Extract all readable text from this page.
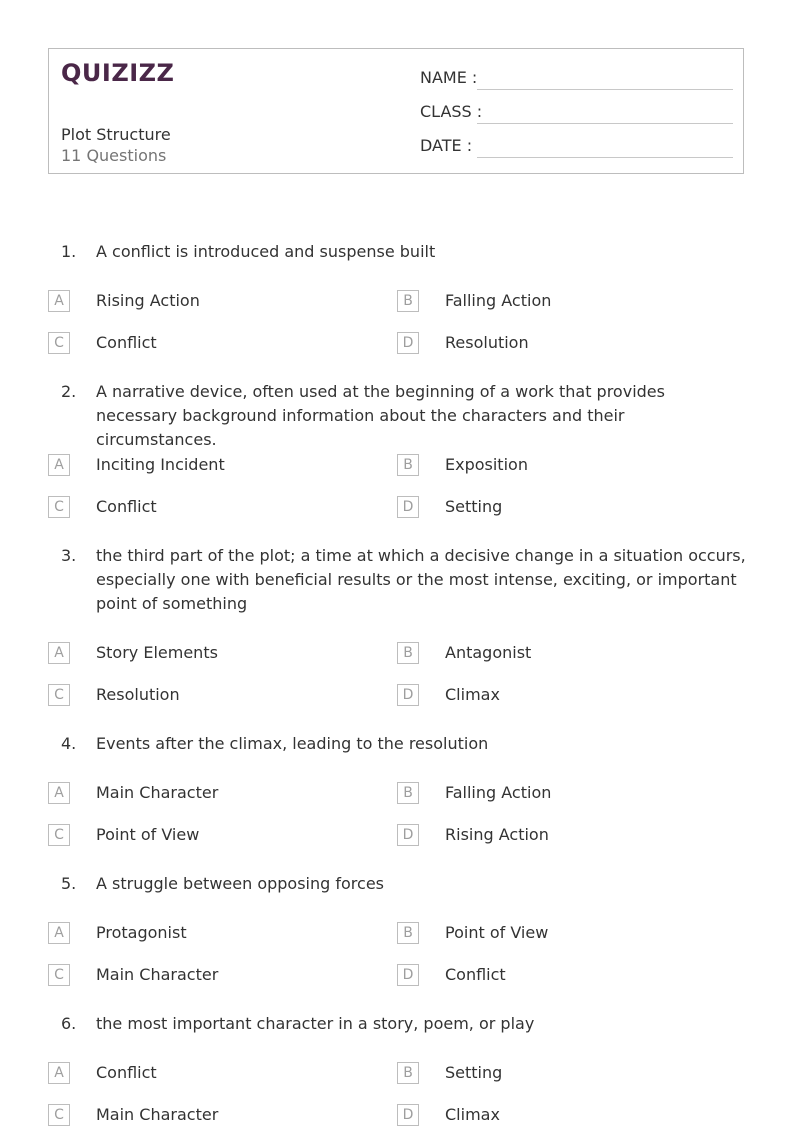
QUIZIZZ
Plot Structure
11 Questions
NAME :
CLASS :
DATE :
1. A conflict is introduced and suspense built
A	Rising Action	B	Falling Action
C	Conflict	D	Resolution
2. A narrative device, often used at the beginning of a work that provides necessary background information about the characters and their circumstances.
A	Inciting Incident	B	Exposition
C	Conflict	D	Setting
3. the third part of the plot; a time at which a decisive change in a situation occurs, especially one with beneficial results or the most intense, exciting, or important point of something
A	Story Elements	B	Antagonist
C	Resolution	D	Climax
4. Events after the climax, leading to the resolution
A	Main Character	B	Falling Action
C	Point of View	D	Rising Action
5. A struggle between opposing forces
A	Protagonist	B	Point of View
C	Main Character	D	Conflict
6. the most important character in a story, poem, or play
A	Conflict	B	Setting
C	Main Character	D	Climax
